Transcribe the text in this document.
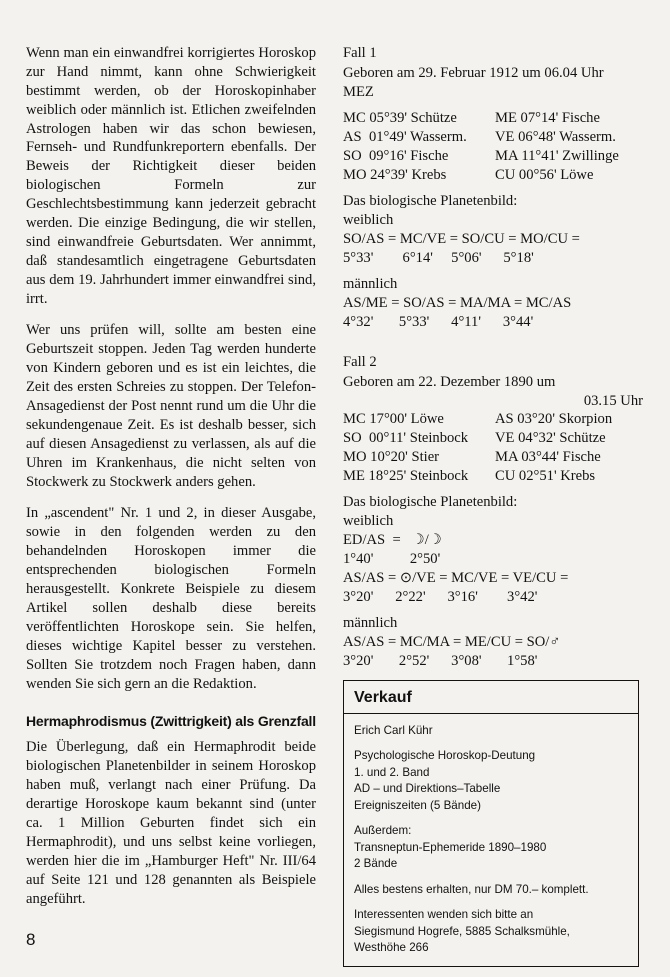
Wenn man ein einwandfrei korrigiertes Horoskop zur Hand nimmt, kann ohne Schwierigkeit bestimmt werden, ob der Horoskopinhaber weiblich oder männlich ist. Etlichen zweifelnden Astrologen haben wir das schon bewiesen, Fernseh- und Rundfunkreportern ebenfalls. Der Beweis der Richtigkeit dieser beiden biologischen Formeln zur Geschlechtsbestimmung kann jederzeit gebracht werden. Die einzige Bedingung, die wir stellen, sind einwandfreie Geburtsdaten. Wer annimmt, daß standesamtlich eingetragene Geburtsdaten aus dem 19. Jahrhundert immer einwandfrei sind, irrt.

Wer uns prüfen will, sollte am besten eine Geburtszeit stoppen. Jeden Tag werden hunderte von Kindern geboren und es ist ein leichtes, die Zeit des ersten Schreies zu stoppen. Der Telefon-Ansagedienst der Post nennt rund um die Uhr die sekundengenaue Zeit. Es ist deshalb besser, sich auf diesen Ansagedienst zu verlassen, als auf die Uhren im Krankenhaus, die nicht selten von Stockwerk zu Stockwerk anders gehen.

In „ascendent" Nr. 1 und 2, in dieser Ausgabe, sowie in den folgenden werden zu den behandelnden Horoskopen immer die entsprechenden biologischen Formeln herausgestellt. Konkrete Beispiele zu diesem Artikel sollen deshalb diese bereits veröffentlichten Horoskope sein. Sie helfen, dieses wichtige Kapitel besser zu verstehen. Sollten Sie trotzdem noch Fragen haben, dann wenden Sie sich gern an die Redaktion.

Hermaphrodismus (Zwittrigkeit) als Grenzfall

Die Überlegung, daß ein Hermaphrodit beide biologischen Planetenbilder in seinem Horoskop haben muß, verlangt nach einer Prüfung. Da derartige Horoskope kaum bekannt sind (unter ca. 1 Million Geburten findet sich ein Hermaphrodit), und uns selbst keine vorliegen, werden hier die im „Hamburger Heft" Nr. III/64 auf Seite 121 und 128 genannten als Beispiele angeführt.

Fall 1
Geboren am 29. Februar 1912 um 06.04 Uhr
MEZ
MC 05°39' Schütze	ME 07°14' Fische
AS  01°49' Wasserm.	VE 06°48' Wasserm.
SO  09°16' Fische	MA 11°41' Zwillinge
MO 24°39' Krebs	CU 00°56' Löwe
Das biologische Planetenbild:
weiblich
SO/AS = MC/VE = SO/CU = MO/CU =
5°33'        6°14'     5°06'      5°18'
männlich
AS/ME = SO/AS = MA/MA = MC/AS
4°32'       5°33'      4°11'      3°44'
Fall 2
Geboren am 22. Dezember 1890 um
03.15 Uhr
MC 17°00' Löwe	AS 03°20' Skorpion
SO  00°11' Steinbock	VE 04°32' Schütze
MO 10°20' Stier	MA 03°44' Fische
ME 18°25' Steinbock	CU 02°51' Krebs
Das biologische Planetenbild:
weiblich
ED/AS  =   ☽/☽
1°40'          2°50'
AS/AS = ⊙/VE = MC/VE = VE/CU =
3°20'      2°22'      3°16'        3°42'
männlich
AS/AS = MC/MA = ME/CU = SO/♂
3°20'       2°52'      3°08'       1°58'
Verkauf
Erich Carl Kühr
Psychologische Horoskop-Deutung
1. und 2. Band
AD – und Direktions–Tabelle
Ereigniszeiten (5 Bände)
Außerdem:
Transneptun-Ephemeride 1890–1980
2 Bände
Alles bestens erhalten, nur DM 70.– komplett.
Interessenten wenden sich bitte an
Siegismund Hogrefe, 5885 Schalksmühle,
Westhöhe 266
8
